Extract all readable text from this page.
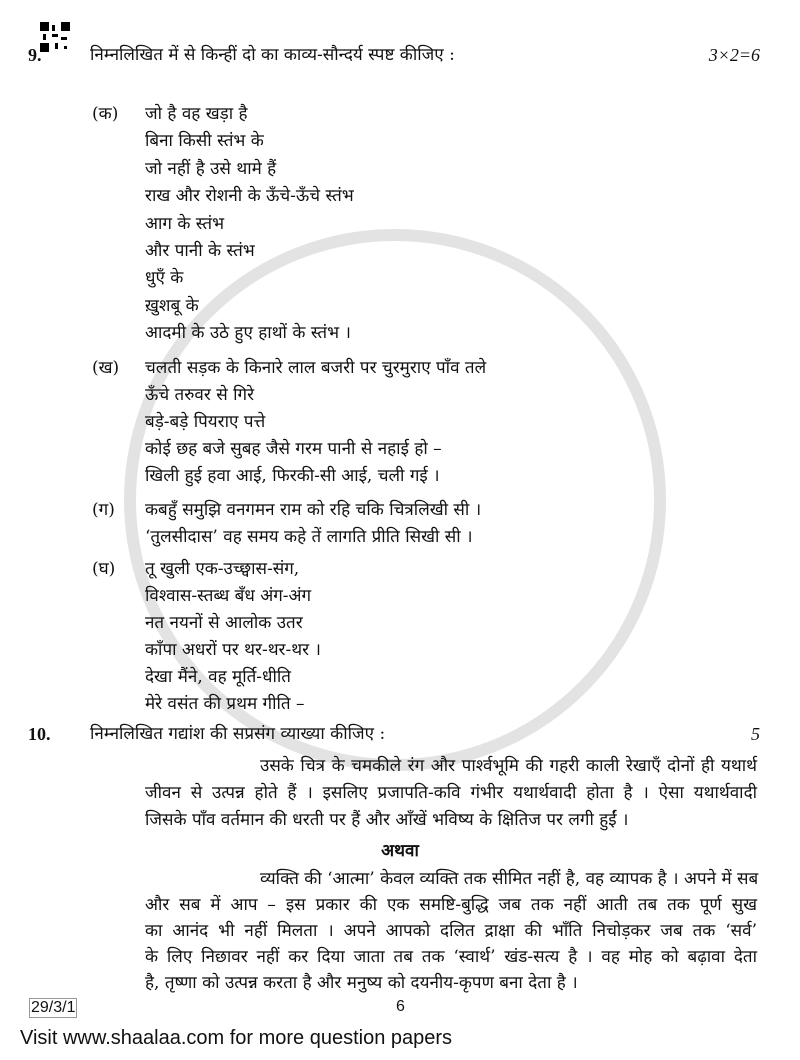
9.	निम्नलिखित में से किन्हीं दो का काव्य-सौन्दर्य स्पष्ट कीजिए :	3×2=6
(क) जो है वह खड़ा है
बिना किसी स्तंभ के
जो नहीं है उसे थामे हैं
राख और रोशनी के ऊँचे-ऊँचे स्तंभ
आग के स्तंभ
और पानी के स्तंभ
धुएँ के
ख़ुशबू के
आदमी के उठे हुए हाथों के स्तंभ ।
(ख) चलती सड़क के किनारे लाल बजरी पर चुरमुराए पाँव तले
ऊँचे तरुवर से गिरे
बड़े-बड़े पियराए पत्ते
कोई छह बजे सुबह जैसे गरम पानी से नहाई हो –
खिली हुई हवा आई, फिरकी-सी आई, चली गई ।
(ग) कबहुँ समुझि वनगमन राम को रहि चकि चित्रलिखी सी ।
‘तुलसीदास’ वह समय कहे तें लागति प्रीति सिखी सी ।
(घ) तू खुली एक-उच्छ्वास-संग,
विश्वास-स्तब्ध बँध अंग-अंग
नत नयनों से आलोक उतर
काँपा अधरों पर थर-थर-थर ।
देखा मैंने, वह मूर्ति-धीति
मेरे वसंत की प्रथम गीति –
10. निम्नलिखित गद्यांश की सप्रसंग व्याख्या कीजिए :	5
उसके चित्र के चमकीले रंग और पार्श्वभूमि की गहरी काली रेखाएँ दोनों ही यथार्थ
जीवन से उत्पन्न होते हैं । इसलिए प्रजापति-कवि गंभीर यथार्थवादी होता है । ऐसा यथार्थवादी
जिसके पाँव वर्तमान की धरती पर हैं और आँखें भविष्य के क्षितिज पर लगी हुईं ।
अथवा
व्यक्ति की ‘आत्मा’ केवल व्यक्ति तक सीमित नहीं है, वह व्यापक है । अपने में सब
और सब में आप – इस प्रकार की एक समष्टि-बुद्धि जब तक नहीं आती तब तक पूर्ण सुख
का आनंद भी नहीं मिलता । अपने आपको दलित द्राक्षा की भाँति निचोड़कर जब तक ‘सर्व’
के लिए निछावर नहीं कर दिया जाता तब तक ‘स्वार्थ’ खंड-सत्य है । वह मोह को बढ़ावा देता
है, तृष्णा को उत्पन्न करता है और मनुष्य को दयनीय-कृपण बना देता है ।
29/3/1	6
Visit www.shaalaa.com for more question papers
